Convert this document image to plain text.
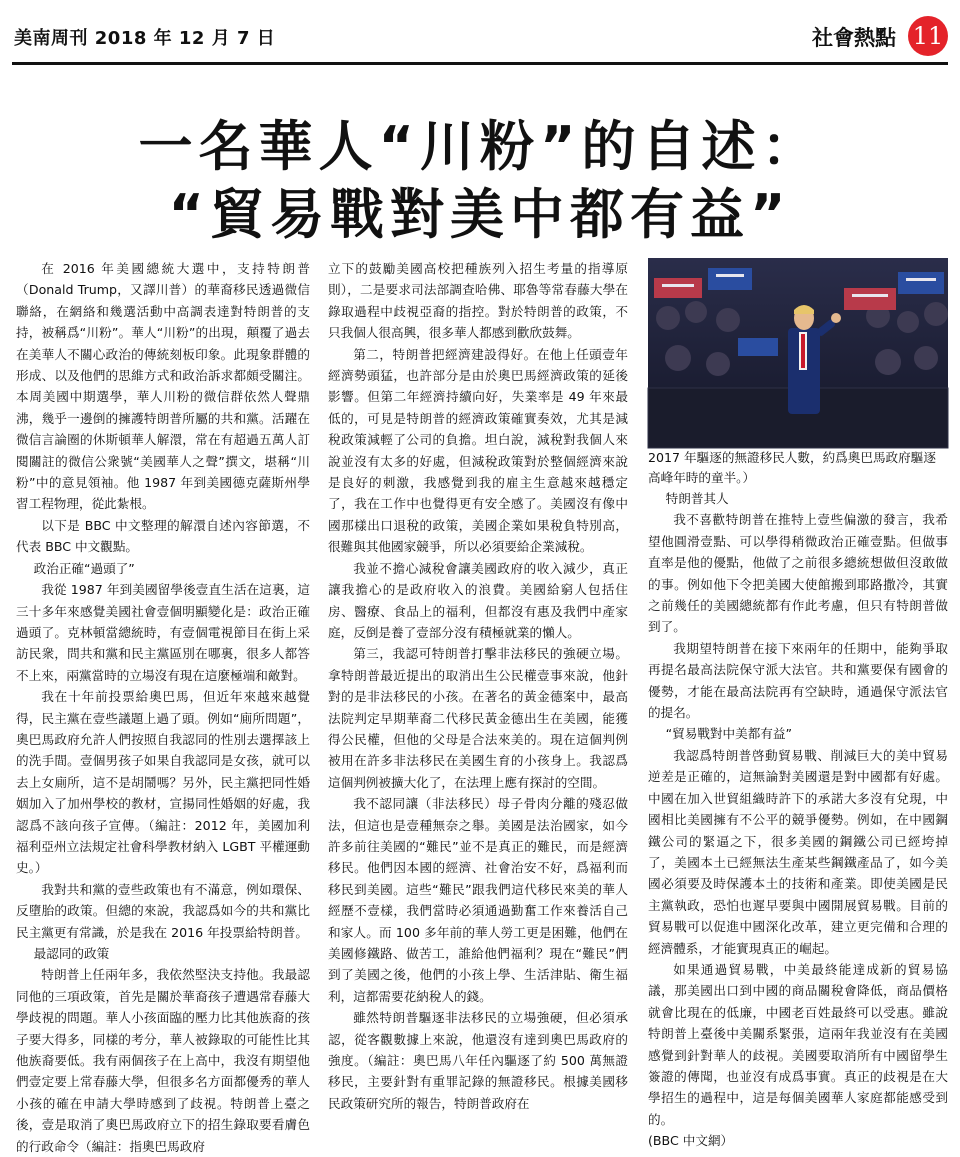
美南周刊 2018 年 12 月 7 日	社會熱點 11
一名華人“川粉”的自述：
“貿易戰對美中都有益”

在 2016 年美國總統大選中，支持特朗普（Donald Trump，又譯川普）的華裔移民透過微信聯絡，在網絡和幾選活動中高調表達對特朗普的支持，被稱爲“川粉”。華人“川粉”的出現，顛覆了過去在美華人不關心政治的傳統刻板印象。此現象群體的形成、以及他們的思維方式和政治訴求都頗受關注。本周美國中期選學，華人川粉的微信群依然人聲鼎沸，幾乎一邊倒的擁護特朗普所屬的共和黨。活躍在微信言論圈的休斯頓華人解澴，常在有超過五萬人訂閱關註的微信公衆號“美國華人之聲”撰文，堪稱“川粉”中的意見領袖。他 1987 年到美國德克薩斯州學習工程物理，從此紮根。

以下是 BBC 中文整理的解澴自述內容節選，不代表 BBC 中文觀點。

政治正確“過頭了”

我從 1987 年到美國留學後壹直生活在這裏，這三十多年來感覺美國社會壹個明顯變化是：政治正確過頭了。克林頓當總統時，有壹個電視節目在街上采訪民衆，問共和黨和民主黨區別在哪裏，很多人都答不上來，兩黨當時的立場沒有現在這麼極端和敵對。

我在十年前投票給奧巴馬，但近年來越來越覺得，民主黨在壹些議題上過了頭。例如“廁所問題”，奧巴馬政府允許人們按照自我認同的性別去選擇該上的洗手間。壹個男孩子如果自我認同是女孩，就可以去上女廁所，這不是胡鬧嗎？另外，民主黨把同性婚姻加入了加州學校的教材，宣揚同性婚姻的好處，我認爲不該向孩子宣傳。（編註：2012 年，美國加利福利亞州立法規定社會科學教材納入 LGBT 平權運動史。）

我對共和黨的壹些政策也有不滿意，例如環保、反墮胎的政策。但總的來說，我認爲如今的共和黨比民主黨更有常識，於是我在 2016 年投票給特朗普。

最認同的政策

特朗普上任兩年多，我依然堅決支持他。我最認同他的三項政策，首先是關於華裔孩子遭遇常春藤大學歧視的問題。華人小孩面臨的壓力比其他族裔的孩子要大得多，同樣的考分，華人被錄取的可能性比其他族裔要低。我有兩個孩子在上高中，我沒有期望他們壹定要上常春藤大學，但很多名方面都優秀的華人小孩的確在申請大學時感到了歧視。特朗普上臺之後，壹是取消了奧巴馬政府立下的招生錄取要看膚色的行政命令（編註：指奧巴馬政府

立下的鼓勵美國高校把種族列入招生考量的指導原則），二是要求司法部調查哈佛、耶魯等常春藤大學在錄取過程中歧視亞裔的指控。對於特朗普的政策，不只我個人很高興，很多華人都感到歡欣鼓舞。

第二，特朗普把經濟建設得好。在他上任頭壹年經濟勢頭猛，也許部分是由於奧巴馬經濟政策的延後影響。但第二年經濟持續向好，失業率是 49 年來最低的，可見是特朗普的經濟政策確實奏效，尤其是減稅政策減輕了公司的負擔。坦白說，減稅對我個人來說並沒有太多的好處，但減稅政策對於整個經濟來說是良好的刺激，我感覺到我的雇主生意越來越穩定了，我在工作中也覺得更有安全感了。美國沒有像中國那樣出口退稅的政策，美國企業如果稅負特別高，很難與其他國家競爭，所以必須要給企業減稅。

我並不擔心減稅會讓美國政府的收入減少，真正讓我擔心的是政府收入的浪費。美國給窮人包括住房、醫療、食品上的福利，但都沒有惠及我們中產家庭，反倒是養了壹部分沒有積極就業的懶人。

第三，我認可特朗普打擊非法移民的強硬立場。拿特朗普最近提出的取消出生公民權壹事來說，他針對的是非法移民的小孩。在著名的黃金德案中，最高法院判定早期華裔二代移民黃金德出生在美國，能獲得公民權，但他的父母是合法來美的。現在這個判例被用在許多非法移民在美國生育的小孩身上。我認爲這個判例被擴大化了，在法理上應有探討的空間。

我不認同讓（非法移民）母子骨肉分離的殘忍做法，但這也是壹種無奈之舉。美國是法治國家，如今許多前往美國的“難民”並不是真正的難民，而是經濟移民。他們因本國的經濟、社會治安不好，爲福利而移民到美國。這些“難民”跟我們這代移民來美的華人經歷不壹樣，我們當時必須通過勤奮工作來養活自己和家人。而 100 多年前的華人勞工更是困難，他們在美國修鐵路、做苦工，誰給他們福利？現在“難民”們到了美國之後，他們的小孩上學、生活津貼、衛生福利，這都需要花納稅人的錢。

雖然特朗普驅逐非法移民的立場強硬，但必須承認，從客觀數據上來說，他還沒有達到奧巴馬政府的強度。（編註：奧巴馬八年任內驅逐了約 500 萬無證移民，主要針對有重罪記錄的無證移民。根據美國移民政策研究所的報告，特朗普政府在

2017 年驅逐的無證移民人數，約爲奧巴馬政府驅逐高峰年時的童半。）

特朗普其人

我不喜歡特朗普在推特上壹些偏激的發言，我希望他圓滑壹點、可以學得稍微政治正確壹點。但做事直率是他的優點，他做了之前很多總統想做但沒敢做的事。例如他下令把美國大使館搬到耶路撒冷，其實之前幾任的美國總統都有作此考慮，但只有特朗普做到了。

我期望特朗普在接下來兩年的任期中，能夠爭取再提名最高法院保守派大法官。共和黨要保有國會的優勢，才能在最高法院再有空缺時，通過保守派法官的提名。

“貿易戰對中美都有益”

我認爲特朗普啓動貿易戰、削減巨大的美中貿易逆差是正確的，這無論對美國還是對中國都有好處。中國在加入世貿組織時許下的承諾大多沒有兌現，中國相比美國擁有不公平的競爭優勢。例如，在中國鋼鐵公司的緊逼之下，很多美國的鋼鐵公司已經垮掉了，美國本土已經無法生產某些鋼鐵產品了，如今美國必須要及時保護本土的技術和產業。即使美國是民主黨執政，恐怕也遲早要與中國開展貿易戰。目前的貿易戰可以促進中國深化改革，建立更完備和合理的經濟體系，才能實現真正的崛起。

如果通過貿易戰，中美最終能達成新的貿易協議，那美國出口到中國的商品關稅會降低，商品價格就會比現在的低廉，中國老百姓最終可以受惠。雖說特朗普上臺後中美關系緊張，這兩年我並沒有在美國感覺到針對華人的歧視。美國要取消所有中國留學生簽證的傳聞，也並沒有成爲事實。真正的歧視是在大學招生的過程中，這是每個美國華人家庭都能感受到的。

(BBC 中文網）
